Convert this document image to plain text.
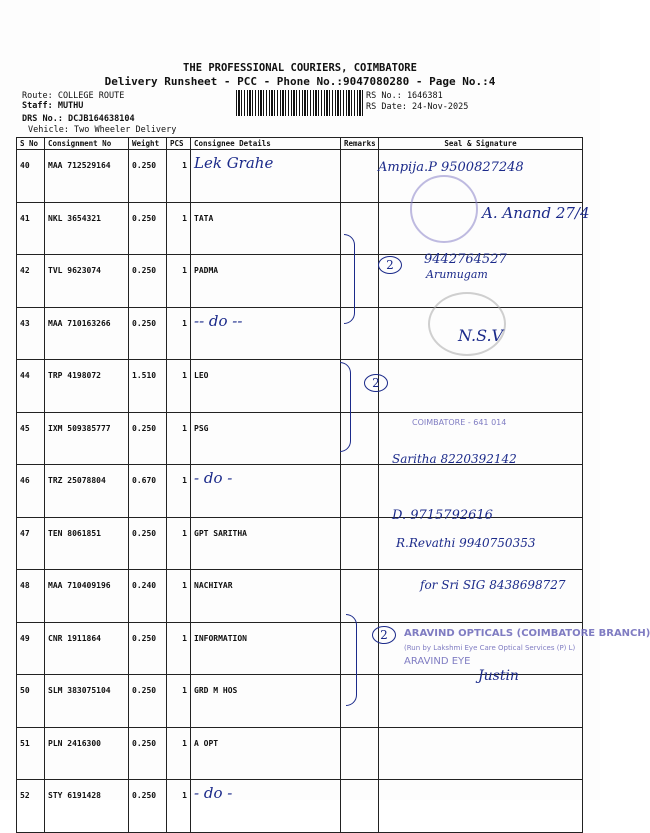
THE PROFESSIONAL COURIERS, COIMBATORE
Delivery Runsheet - PCC - Phone No.:9047080280 - Page No.:4
Route: COLLEGE ROUTE
Staff: MUTHU
DRS No.: DCJB164638104
Vehicle: Two Wheeler Delivery
RS No.: 1646381
RS Date: 24-Nov-2025
S No	Consignment No	Weight	PCS	Consignee Details	Remarks	Seal & Signature
40	MAA 712529164	0.250	1	Lek Grahe		
41	NKL 3654321	0.250	1	TATA		
42	TVL 9623074	0.250	1	PADMA		
43	MAA 710163266	0.250	1	-- do --		
44	TRP 4198072	1.510	1	LEO		
45	IXM 509385777	0.250	1	PSG		
46	TRZ 25078804	0.670	1	- do -		
47	TEN 8061851	0.250	1	GPT SARITHA		
48	MAA 710409196	0.240	1	NACHIYAR		
49	CNR 1911864	0.250	1	INFORMATION		
50	SLM 383075104	0.250	1	GRD M HOS		
51	PLN 2416300	0.250	1	A OPT		
52	STY 6191428	0.250	1	- do -		
2
2
2
COIMBATORE - 641 014
ARAVIND OPTICALS (COIMBATORE BRANCH)
(Run by Lakshmi Eye Care Optical Services (P) L)
ARAVIND EYE
Ampija.P 9500827248
A. Anand 27/4
9442764527
Arumugam
N.S.V
Saritha 8220392142
D. 9715792616
R.Revathi 9940750353
for Sri SIG 8438698727
Justin
